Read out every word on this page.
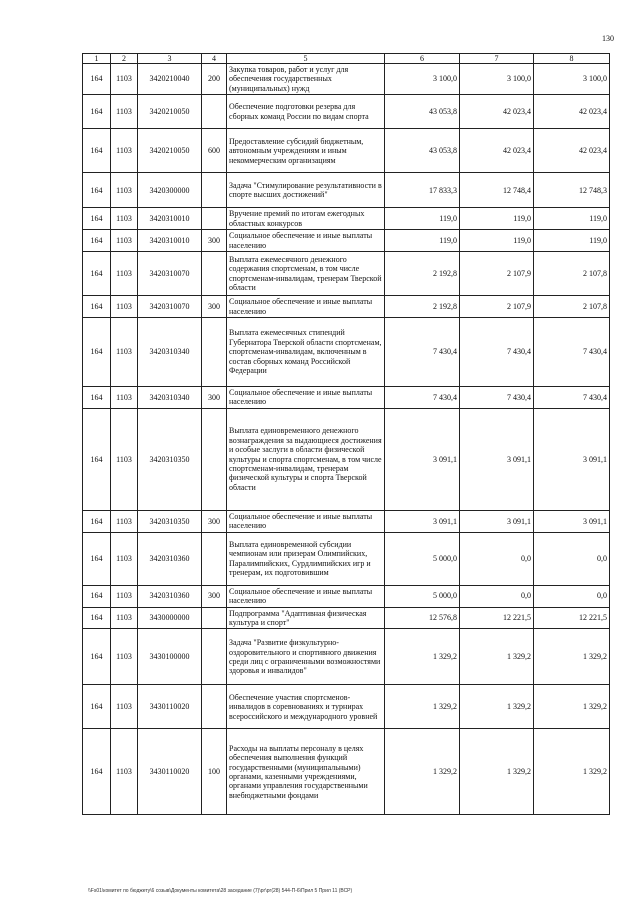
130
1	2	3	4	5	6	7	8
164	1103	3420210040	200	Закупка товаров, работ и услуг для обеспечения государственных (муниципальных) нужд	3 100,0	3 100,0	3 100,0
164	1103	3420210050		Обеспечение подготовки резерва для сборных команд России по видам спорта	43 053,8	42 023,4	42 023,4
164	1103	3420210050	600	Предоставление субсидий бюджетным, автономным учреждениям и иным некоммерческим организациям	43 053,8	42 023,4	42 023,4
164	1103	3420300000		Задача "Стимулирование результативности в спорте высших достижений"	17 833,3	12 748,4	12 748,3
164	1103	3420310010		Вручение премий по итогам ежегодных областных конкурсов	119,0	119,0	119,0
164	1103	3420310010	300	Социальное обеспечение и иные выплаты населению	119,0	119,0	119,0
164	1103	3420310070		Выплата ежемесячного денежного содержания спортсменам, в том числе спортсменам-инвалидам, тренерам Тверской области	2 192,8	2 107,9	2 107,8
164	1103	3420310070	300	Социальное обеспечение и иные выплаты населению	2 192,8	2 107,9	2 107,8
164	1103	3420310340		Выплата ежемесячных стипендий Губернатора Тверской области спортсменам, спортсменам-инвалидам, включенным в состав сборных команд Российской Федерации	7 430,4	7 430,4	7 430,4
164	1103	3420310340	300	Социальное обеспечение и иные выплаты населению	7 430,4	7 430,4	7 430,4
164	1103	3420310350		Выплата единовременного денежного вознаграждения за выдающиеся достижения и особые заслуги в области физической культуры и спорта спортсменам, в том числе спортсменам-инвалидам, тренерам физической культуры и спорта Тверской области	3 091,1	3 091,1	3 091,1
164	1103	3420310350	300	Социальное обеспечение и иные выплаты населению	3 091,1	3 091,1	3 091,1
164	1103	3420310360		Выплата единовременной субсидии чемпионам или призерам Олимпийских, Паралимпийских, Сурдлимпийских игр и тренерам, их подготовившим	5 000,0	0,0	0,0
164	1103	3420310360	300	Социальное обеспечение и иные выплаты населению	5 000,0	0,0	0,0
164	1103	3430000000		Подпрограмма "Адаптивная физическая культура и спорт"	12 576,8	12 221,5	12 221,5
164	1103	3430100000		Задача "Развитие физкультурно-оздоровительного и спортивного движения среди лиц с ограниченными возможностями здоровья и инвалидов"	1 329,2	1 329,2	1 329,2
164	1103	3430110020		Обеспечение участия спортсменов-инвалидов в соревнованиях и турнирах всероссийского и международного уровней	1 329,2	1 329,2	1 329,2
164	1103	3430110020	100	Расходы на выплаты персоналу в целях обеспечения выполнения функций государственными (муниципальными) органами, казенными учреждениями, органами управления государственными внебюджетными фондами	1 329,2	1 329,2	1 329,2
\\Fs01\комитет по бюджету\6 созыв\Документы комитета\28 заседание (7)\рг\рг(28) 544-П-6\Прил 5 Прил 11 (ВСР)
